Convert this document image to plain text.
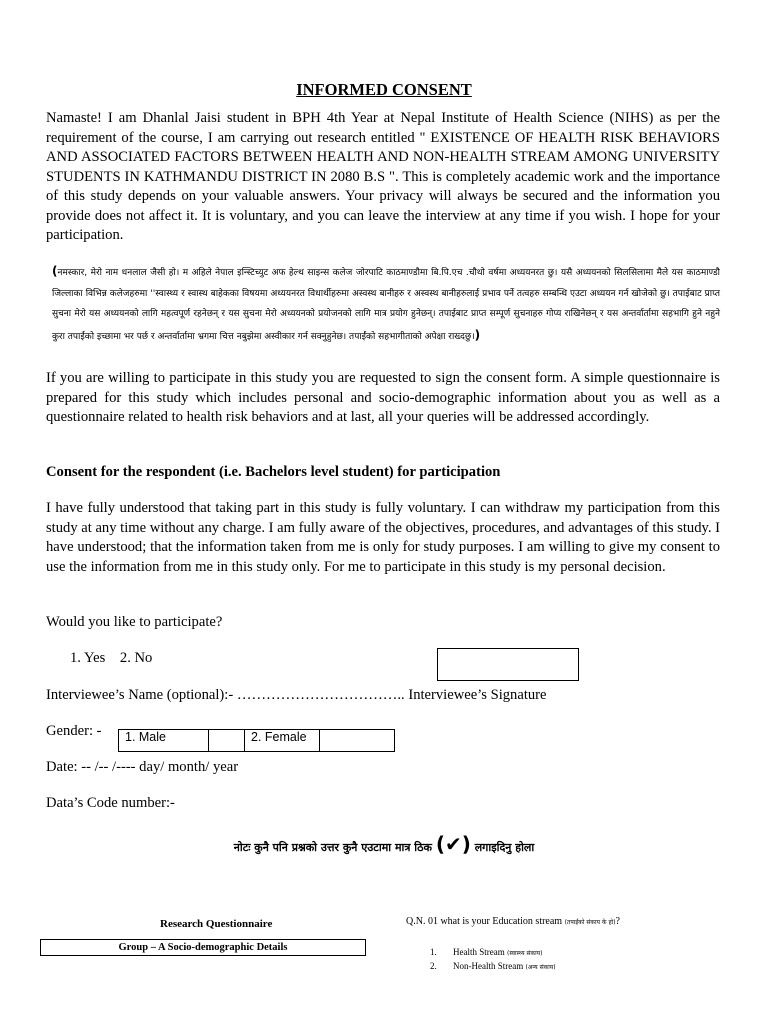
INFORMED CONSENT
Namaste! I am Dhanlal Jaisi student in BPH 4th Year at Nepal Institute of Health Science (NIHS) as per the requirement of the course, I am carrying out research entitled " EXISTENCE OF HEALTH RISK BEHAVIORS AND ASSOCIATED FACTORS BETWEEN HEALTH AND NON-HEALTH STREAM AMONG UNIVERSITY STUDENTS IN KATHMANDU DISTRICT IN 2080 B.S ". This is completely academic work and the importance of this study depends on your valuable answers. Your privacy will always be secured and the information you provide does not affect it. It is voluntary, and you can leave the interview at any time if you wish. I hope for your participation.
(नमस्कार, मेरो नाम धनलाल जैसी हो। म अहिले नेपाल इन्स्टिच्युट अफ हेल्थ साइन्स कलेज जोरपाटि काठमाण्डौमा बि.पि.एच .चौथो वर्षमा अध्ययनरत छु। यसै अध्ययनको सिलसिलामा मैले यस काठमाण्डौ जिल्लाका विभिन्न कलेजहरुमा ''स्वास्थ्य र स्वास्थ बाहेकका विषयमा अध्ययनरत विधार्थीहरुमा अस्वस्थ बानीहरु र अस्वस्थ बानीहरुलाई प्रभाव पर्ने तत्वहरु सम्बन्धि एउटा अध्ययन गर्न खोजेको छु। तपाईबाट प्राप्त सुचना मेरो यस अध्ययनको लागि महत्वपूर्ण रहनेछन् र यस सुचना मेरो अध्ययनको प्रयोजनको लागि मात्र प्रयोग हुनेछन्। तपाईबाट प्राप्त सम्पूर्ण सुचनाहरु गोप्य राखिनेछन् र यस अन्तर्वार्तामा सहभागि हुने नहुने कुरा तपाईंको इच्छामा भर पर्छ र अन्तर्वार्तामा भ्रगमा चित्त नबुझेमा अस्वीकार गर्न सक्नुहुनेछ। तपाईंको सहभागीताको अपेक्षा राख्दछु।)
If you are willing to participate in this study you are requested to sign the consent form. A simple questionnaire is prepared for this study which includes personal and socio-demographic information about you as well as a questionnaire related to health risk behaviors and at last, all your queries will be addressed accordingly.
Consent for the respondent (i.e. Bachelors level student) for participation
I have fully understood that taking part in this study is fully voluntary. I can withdraw my participation from this study at any time without any charge. I am fully aware of the objectives, procedures, and advantages of this study. I have understood; that the information taken from me is only for study purposes. I am willing to give my consent to use the information from me in this study only. For me to participate in this study is my personal decision.
Would you like to participate?
1. Yes 2. No
Interviewee’s Name (optional):- …………………………….. Interviewee’s Signature
Gender: - 1. Male		2. Female	
Date: -- /-- /---- day/ month/ year
Data’s Code number:-
नोटः कुनै पनि प्रश्नको उत्तर कुनै एउटामा मात्र ठिक (✔) लगाइदिनु होला
Research Questionnaire
Group – A Socio-demographic Details
Q.N. 01 what is your Education stream (तपाईंको संकाय के हो)?
1. Health Stream (स्वास्थ्य संकाय)
2. Non-Health Stream (अन्य संकाय)
